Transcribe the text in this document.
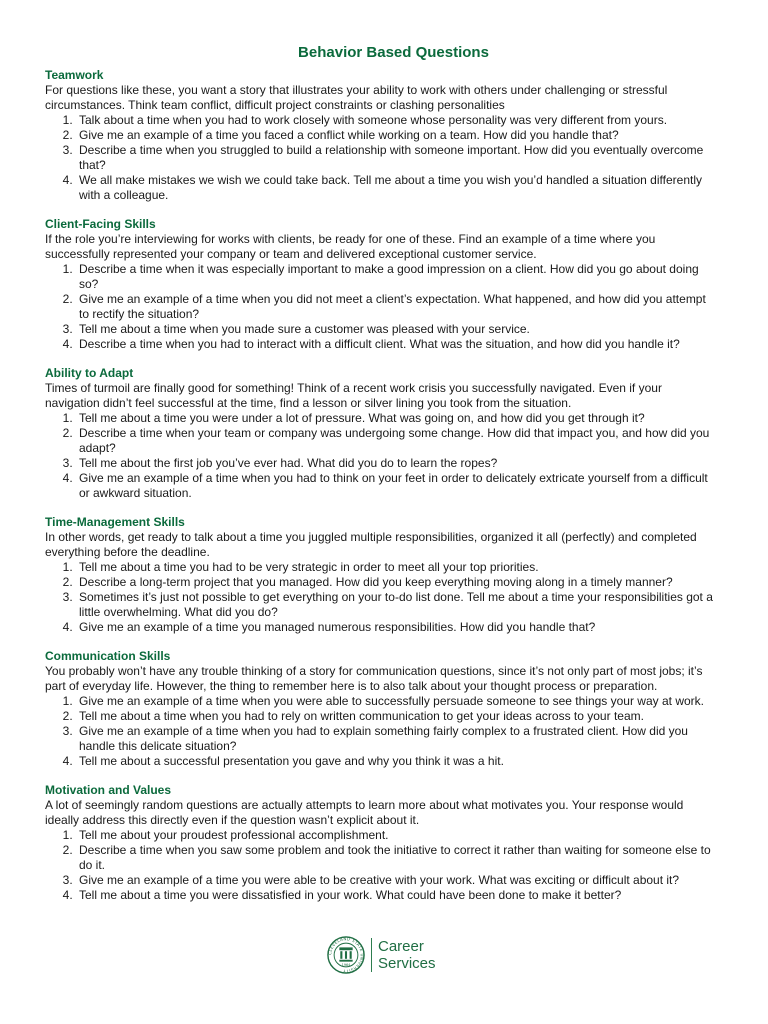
Behavior Based Questions
Teamwork

For questions like these, you want a story that illustrates your ability to work with others under challenging or stressful circumstances. Think team conflict, difficult project constraints or clashing personalities

1. Talk about a time when you had to work closely with someone whose personality was very different from yours.
2. Give me an example of a time you faced a conflict while working on a team. How did you handle that?
3. Describe a time when you struggled to build a relationship with someone important. How did you eventually overcome that?
4. We all make mistakes we wish we could take back. Tell me about a time you wish you’d handled a situation differently with a colleague.
Client-Facing Skills

If the role you’re interviewing for works with clients, be ready for one of these. Find an example of a time where you successfully represented your company or team and delivered exceptional customer service.

1. Describe a time when it was especially important to make a good impression on a client. How did you go about doing so?
2. Give me an example of a time when you did not meet a client’s expectation. What happened, and how did you attempt to rectify the situation?
3. Tell me about a time when you made sure a customer was pleased with your service.
4. Describe a time when you had to interact with a difficult client. What was the situation, and how did you handle it?
Ability to Adapt

Times of turmoil are finally good for something! Think of a recent work crisis you successfully navigated. Even if your navigation didn’t feel successful at the time, find a lesson or silver lining you took from the situation.

1. Tell me about a time you were under a lot of pressure. What was going on, and how did you get through it?
2. Describe a time when your team or company was undergoing some change. How did that impact you, and how did you adapt?
3. Tell me about the first job you’ve ever had. What did you do to learn the ropes?
4. Give me an example of a time when you had to think on your feet in order to delicately extricate yourself from a difficult or awkward situation.
Time-Management Skills

In other words, get ready to talk about a time you juggled multiple responsibilities, organized it all (perfectly) and completed everything before the deadline.

1. Tell me about a time you had to be very strategic in order to meet all your top priorities.
2. Describe a long-term project that you managed. How did you keep everything moving along in a timely manner?
3. Sometimes it’s just not possible to get everything on your to-do list done. Tell me about a time your responsibilities got a little overwhelming. What did you do?
4. Give me an example of a time you managed numerous responsibilities. How did you handle that?
Communication Skills

You probably won’t have any trouble thinking of a story for communication questions, since it’s not only part of most jobs; it’s part of everyday life. However, the thing to remember here is to also talk about your thought process or preparation.

1. Give me an example of a time when you were able to successfully persuade someone to see things your way at work.
2. Tell me about a time when you had to rely on written communication to get your ideas across to your team.
3. Give me an example of a time when you had to explain something fairly complex to a frustrated client. How did you handle this delicate situation?
4. Tell me about a successful presentation you gave and why you think it was a hit.
Motivation and Values

A lot of seemingly random questions are actually attempts to learn more about what motivates you. Your response would ideally address this directly even if the question wasn’t explicit about it.

1. Tell me about your proudest professional accomplishment.
2. Describe a time when you saw some problem and took the initiative to correct it rather than waiting for someone else to do it.
3. Give me an example of a time you were able to be creative with your work. What was exciting or difficult about it?
4. Tell me about a time you were dissatisfied in your work. What could have been done to make it better?
CLEVELAND STATE UNIVERSITY
1964
Career
Services
